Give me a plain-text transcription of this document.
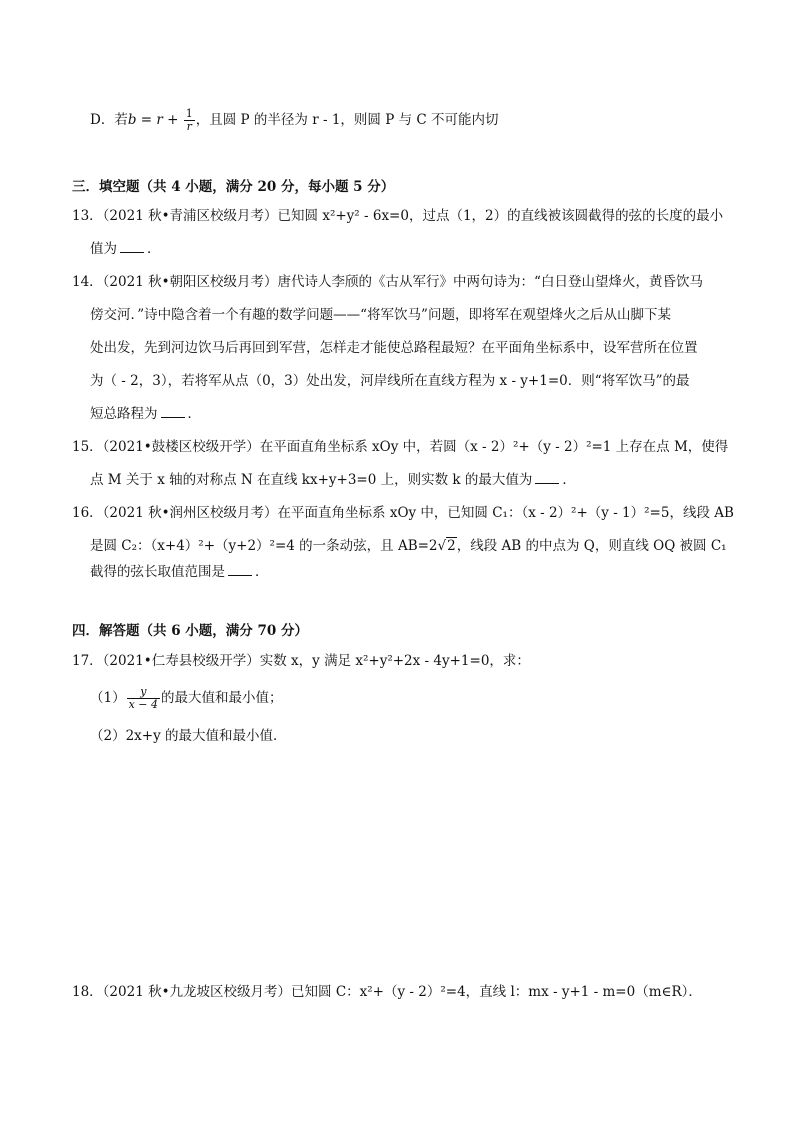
D．若$b = r + \frac{1}{r}$ ，且圆 P 的半径为 r - 1，则圆 P 与 C 不可能内切
三．填空题（共 4 小题，满分 20 分，每小题 5 分）
13．（2021 秋•青浦区校级月考）已知圆 x²+y² - 6x=0，过点（1，2）的直线被该圆截得的弦的长度的最小
值为 ．
14．（2021 秋•朝阳区校级月考）唐代诗人李颀的《古从军行》中两句诗为：“白日登山望烽火，黄昏饮马
傍交河．”诗中隐含着一个有趣的数学问题——“将军饮马”问题，即将军在观望烽火之后从山脚下某
处出发，先到河边饮马后再回到军营，怎样走才能使总路程最短？在平面角坐标系中，设军营所在位置
为（ - 2，3），若将军从点（0，3）处出发，河岸线所在直线方程为 x - y+1=0．则“将军饮马”的最
短总路程为 ．
15．（2021•鼓楼区校级开学）在平面直角坐标系 xOy 中，若圆（x - 2）²+（y - 2）²=1 上存在点 M，使得
点 M 关于 x 轴的对称点 N 在直线 kx+y+3=0 上，则实数 k 的最大值为 ．
16．（2021 秋•润州区校级月考）在平面直角坐标系 xOy 中，已知圆 C₁：（x - 2）²+（y - 1）²=5，线段 AB
是圆 C₂：（x+4）²+（y+2）²=4 的一条动弦，且 AB=2√2，线段 AB 的中点为 Q，则直线 OQ 被圆 C₁
截得的弦长取值范围是 ．
四．解答题（共 6 小题，满分 70 分）
17．（2021•仁寿县校级开学）实数 x，y 满足 x²+y²+2x - 4y+1=0，求：
$(1) \frac{y}{x - 4}$ 的最大值和最小值；
（2）2x+y 的最大值和最小值．
18．（2021 秋•九龙坡区校级月考）已知圆 C：x²+（y - 2）²=4，直线 l：mx - y+1 - m=0（m∈R）．
